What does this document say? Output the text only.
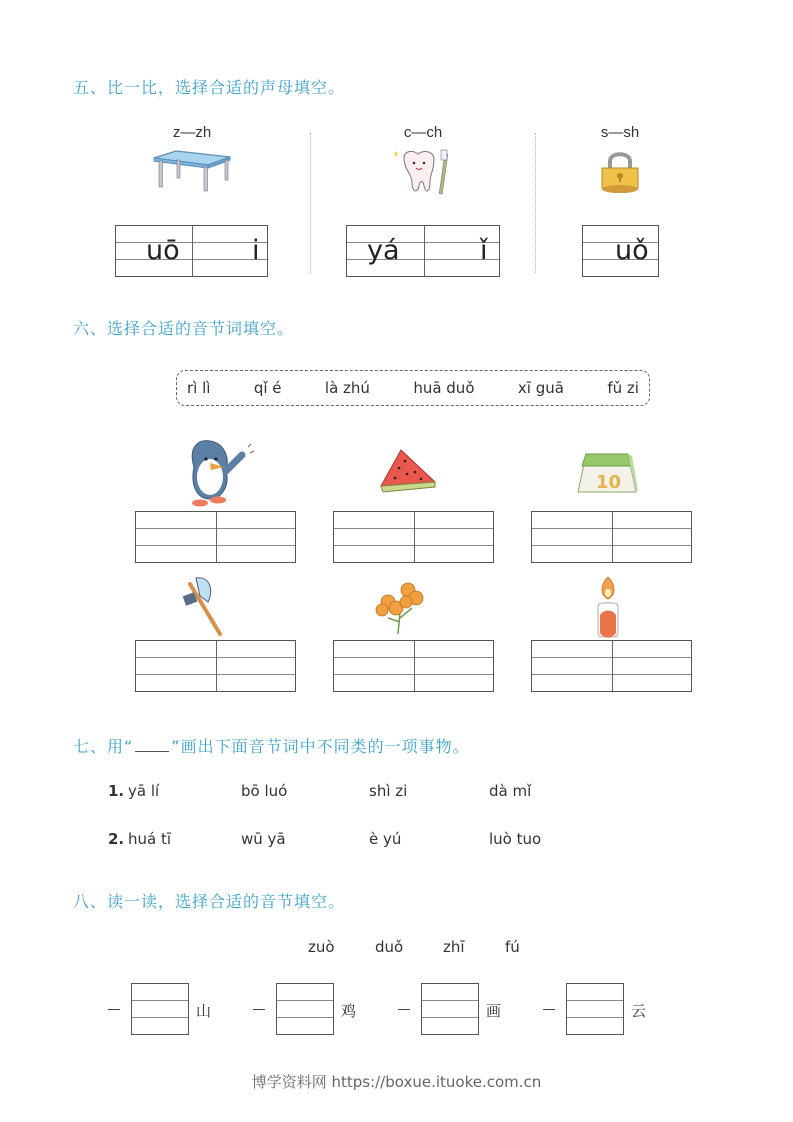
五、比一比，选择合适的声母填空。
z—zh	c—ch	s—sh
uō	i	yá	ǐ	uǒ
六、选择合适的音节词填空。
rì lì	qǐ é	là zhú	huā duǒ	xī guā	fǔ zi
10
七、用“ ”画出下面音节词中不同类的一项事物。
1. yā lí	bō luó	shì zi	dà mǐ
2. huá tī	wū yā	è yú	luò tuo
八、读一读，选择合适的音节填空。
zuò	duǒ	zhī	fú
山	鸡	画	云
博学资料网 https://boxue.ituoke.com.cn
